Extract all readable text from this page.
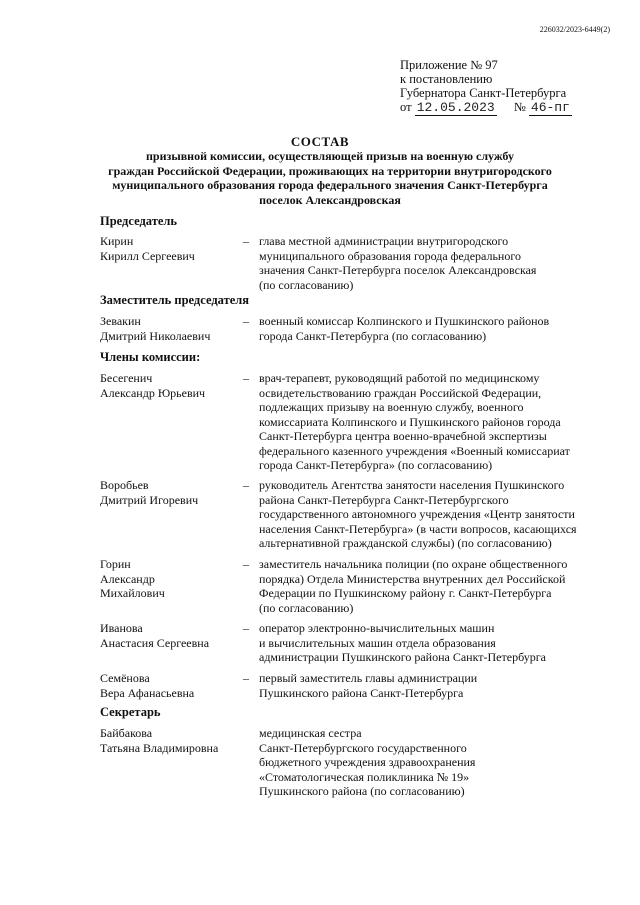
226032/2023-6449(2)
Приложение № 97
к постановлению
Губернатора Санкт-Петербурга
от 12.05.2023 № 46-пг
СОСТАВ
призывной комиссии, осуществляющей призыв на военную службу
граждан Российской Федерации, проживающих на территории внутригородского
муниципального образования города федерального значения Санкт-Петербурга
поселок Александровская
Председатель
Кирин
Кирилл Сергеевич
– глава местной администрации внутригородского
муниципального образования города федерального
значения Санкт-Петербурга поселок Александровская
(по согласованию)
Заместитель председателя
Зевакин
Дмитрий Николаевич
– военный комиссар Колпинского и Пушкинского районов
города Санкт-Петербурга (по согласованию)
Члены комиссии:
Бесегенич
Александр Юрьевич
– врач-терапевт, руководящий работой по медицинскому
освидетельствованию граждан Российской Федерации,
подлежащих призыву на военную службу, военного
комиссариата Колпинского и Пушкинского районов города
Санкт-Петербурга центра военно-врачебной экспертизы
федерального казенного учреждения «Военный комиссариат
города Санкт-Петербурга» (по согласованию)
Воробьев
Дмитрий Игоревич
– руководитель Агентства занятости населения Пушкинского
района Санкт-Петербурга Санкт-Петербургского
государственного автономного учреждения «Центр занятости
населения Санкт-Петербурга» (в части вопросов, касающихся
альтернативной гражданской службы) (по согласованию)
Горин
Александр
Михайлович
– заместитель начальника полиции (по охране общественного
порядка) Отдела Министерства внутренних дел Российской
Федерации по Пушкинскому району г. Санкт-Петербурга
(по согласованию)
Иванова
Анастасия Сергеевна
– оператор электронно-вычислительных машин
и вычислительных машин отдела образования
администрации Пушкинского района Санкт-Петербурга
Семёнова
Вера Афанасьевна
– первый заместитель главы администрации
Пушкинского района Санкт-Петербурга
Секретарь
Байбакова
Татьяна Владимировна
медицинская сестра
Санкт-Петербургского государственного
бюджетного учреждения здравоохранения
«Стоматологическая поликлиника № 19»
Пушкинского района (по согласованию)
